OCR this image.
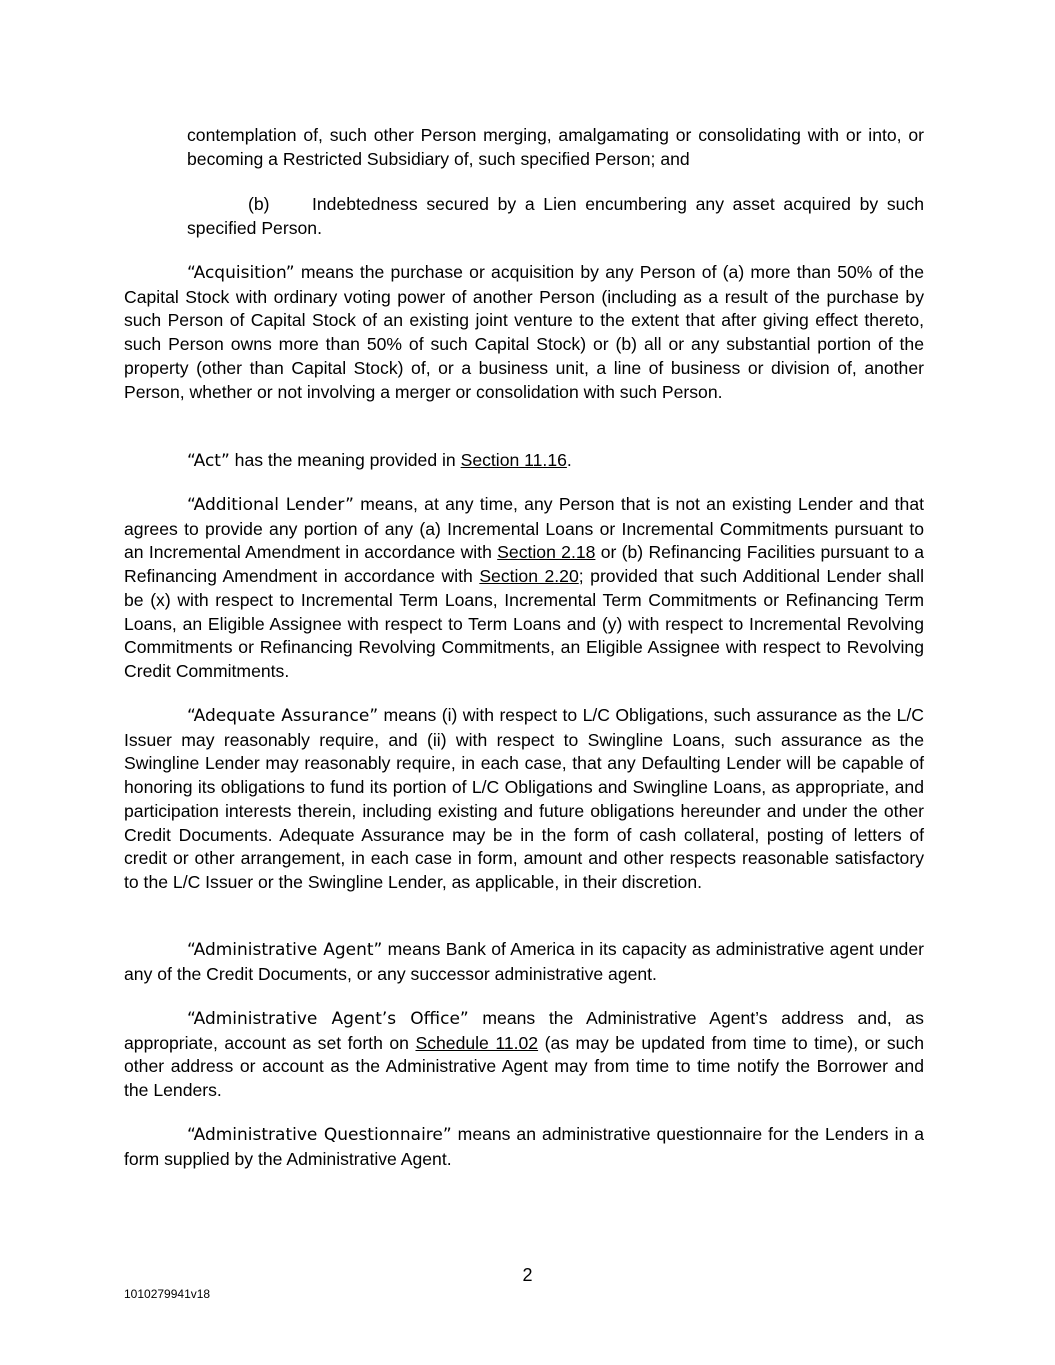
contemplation of, such other Person merging, amalgamating or consolidating with or into, or becoming a Restricted Subsidiary of, such specified Person; and

(b) Indebtedness secured by a Lien encumbering any asset acquired by such specified Person.

“Acquisition” means the purchase or acquisition by any Person of (a) more than 50% of the Capital Stock with ordinary voting power of another Person (including as a result of the purchase by such Person of Capital Stock of an existing joint venture to the extent that after giving effect thereto, such Person owns more than 50% of such Capital Stock) or (b) all or any substantial portion of the property (other than Capital Stock) of, or a business unit, a line of business or division of, another Person, whether or not involving a merger or consolidation with such Person.

“Act” has the meaning provided in Section 11.16.

“Additional Lender” means, at any time, any Person that is not an existing Lender and that agrees to provide any portion of any (a) Incremental Loans or Incremental Commitments pursuant to an Incremental Amendment in accordance with Section 2.18 or (b) Refinancing Facilities pursuant to a Refinancing Amendment in accordance with Section 2.20; provided that such Additional Lender shall be (x) with respect to Incremental Term Loans, Incremental Term Commitments or Refinancing Term Loans, an Eligible Assignee with respect to Term Loans and (y) with respect to Incremental Revolving Commitments or Refinancing Revolving Commitments, an Eligible Assignee with respect to Revolving Credit Commitments.

“Adequate Assurance” means (i) with respect to L/C Obligations, such assurance as the L/C Issuer may reasonably require, and (ii) with respect to Swingline Loans, such assurance as the Swingline Lender may reasonably require, in each case, that any Defaulting Lender will be capable of honoring its obligations to fund its portion of L/C Obligations and Swingline Loans, as appropriate, and participation interests therein, including existing and future obligations hereunder and under the other Credit Documents. Adequate Assurance may be in the form of cash collateral, posting of letters of credit or other arrangement, in each case in form, amount and other respects reasonable satisfactory to the L/C Issuer or the Swingline Lender, as applicable, in their discretion.

“Administrative Agent” means Bank of America in its capacity as administrative agent under any of the Credit Documents, or any successor administrative agent.

“Administrative Agent’s Office” means the Administrative Agent’s address and, as appropriate, account as set forth on Schedule 11.02 (as may be updated from time to time), or such other address or account as the Administrative Agent may from time to time notify the Borrower and the Lenders.

“Administrative Questionnaire” means an administrative questionnaire for the Lenders in a form supplied by the Administrative Agent.

2
1010279941v18
